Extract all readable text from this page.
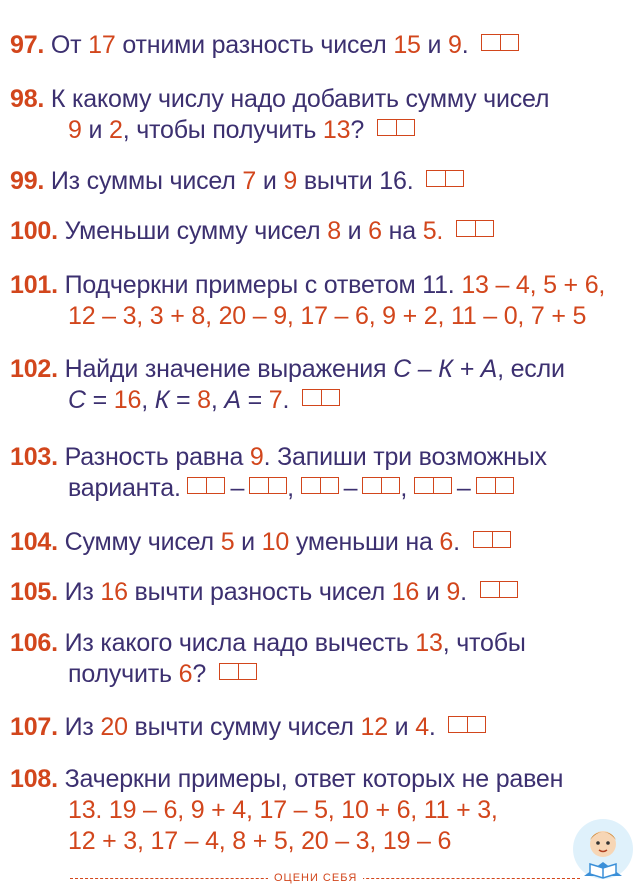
97. От 17 отними разность чисел 15 и 9.
98. К какому числу надо добавить сумму чисел
9 и 2, чтобы получить 13?
99. Из суммы чисел 7 и 9 вычти 16.
100. Уменьши сумму чисел 8 и 6 на 5.
101. Подчеркни примеры с ответом 11. 13 – 4, 5 + 6,
12 – 3, 3 + 8, 20 – 9, 17 – 6, 9 + 2, 11 – 0, 7 + 5
102. Найди значение выражения С – К + А, если
С = 16, К = 8, А = 7.
103. Разность равна 9. Запиши три возможных
варианта. – , – , –
104. Сумму чисел 5 и 10 уменьши на 6.
105. Из 16 вычти разность чисел 16 и 9.
106. Из какого числа надо вычесть 13, чтобы
получить 6?
107. Из 20 вычти сумму чисел 12 и 4.
108. Зачеркни примеры, ответ которых не равен
13. 19 – 6, 9 + 4, 17 – 5, 10 + 6, 11 + 3,
12 + 3, 17 – 4, 8 + 5, 20 – 3, 19 – 6
ОЦЕНИ СЕБЯ
